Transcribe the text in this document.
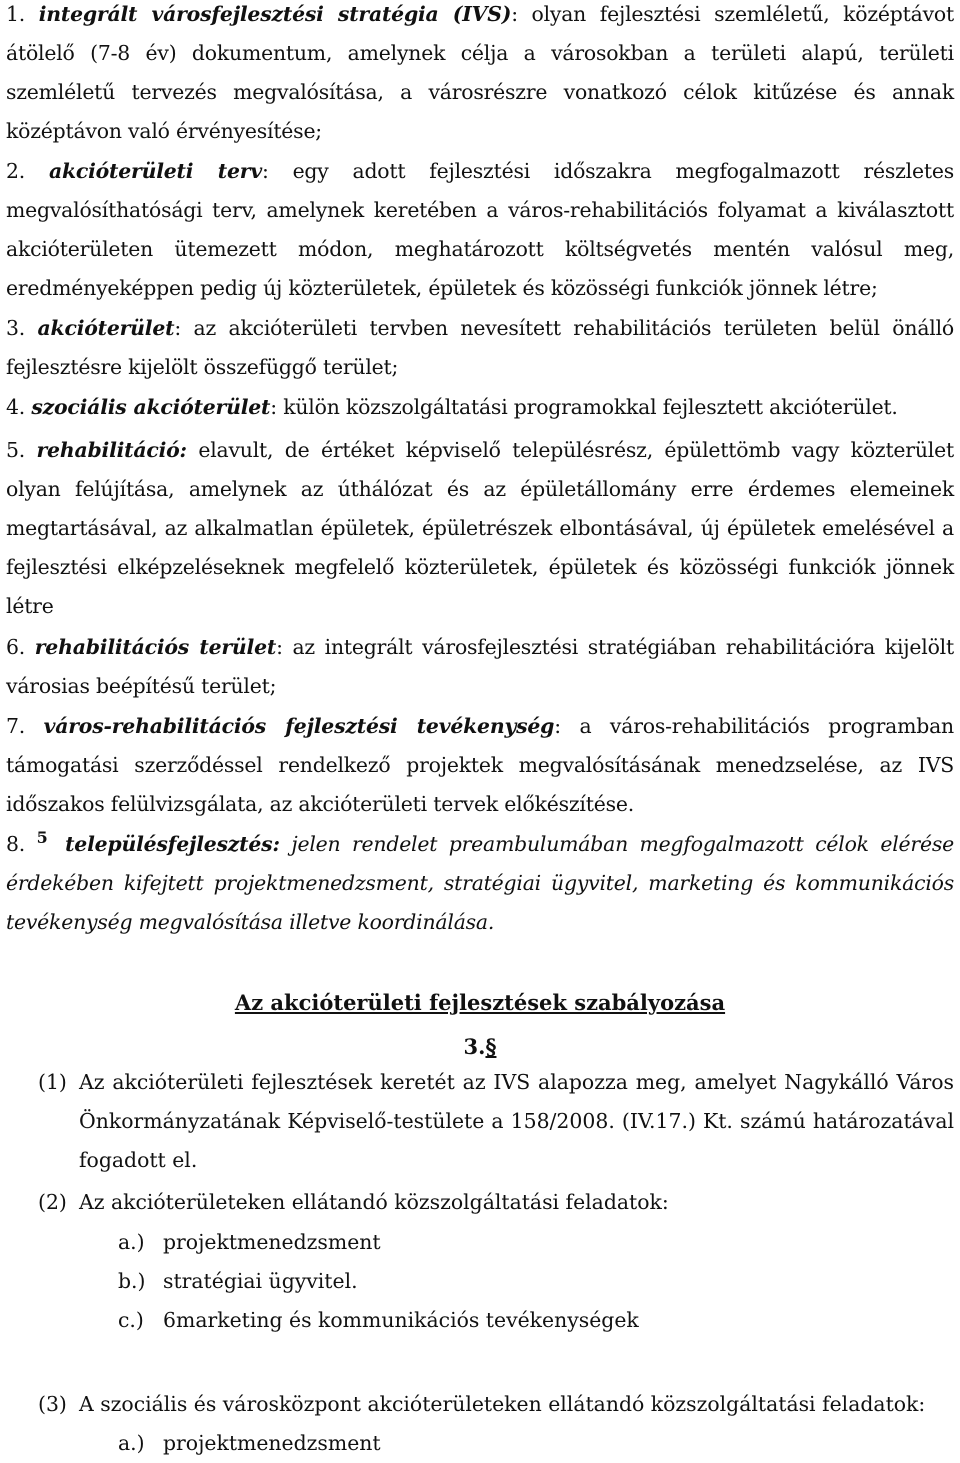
1. integrált városfejlesztési stratégia (IVS): olyan fejlesztési szemléletű, középtávot átölelő (7-8 év) dokumentum, amelynek célja a városokban a területi alapú, területi szemléletű tervezés megvalósítása, a városrészre vonatkozó célok kitűzése és annak középtávon való érvényesítése;

2. akcióterületi terv: egy adott fejlesztési időszakra megfogalmazott részletes megvalósíthatósági terv, amelynek keretében a város-rehabilitációs folyamat a kiválasztott akcióterületen ütemezett módon, meghatározott költségvetés mentén valósul meg, eredményeképpen pedig új közterületek, épületek és közösségi funkciók jönnek létre;

3. akcióterület: az akcióterületi tervben nevesített rehabilitációs területen belül önálló fejlesztésre kijelölt összefüggő terület;

4. szociális akcióterület: külön közszolgáltatási programokkal fejlesztett akcióterület.

5. rehabilitáció: elavult, de értéket képviselő településrész, épülettömb vagy közterület olyan felújítása, amelynek az úthálózat és az épületállomány erre érdemes elemeinek megtartásával, az alkalmatlan épületek, épületrészek elbontásával, új épületek emelésével a fejlesztési elképzeléseknek megfelelő közterületek, épületek és közösségi funkciók jönnek létre

6. rehabilitációs terület: az integrált városfejlesztési stratégiában rehabilitációra kijelölt városias beépítésű terület;

7. város-rehabilitációs fejlesztési tevékenység: a város-rehabilitációs programban támogatási szerződéssel rendelkező projektek megvalósításának menedzselése, az IVS időszakos felülvizsgálata, az akcióterületi tervek előkészítése.

8. $^5$ településfejlesztés: jelen rendelet preambulumában megfogalmazott célok elérése érdekében kifejtett projektmenedzsment, stratégiai ügyvitel, marketing és kommunikációs tevékenység megvalósítása illetve koordinálása.

Az akcióterületi fejlesztések szabályozása

3.§

(1) Az akcióterületi fejlesztések keretét az IVS alapozza meg, amelyet Nagykálló Város Önkormányzatának Képviselő-testülete a 158/2008. (IV.17.) Kt. számú határozatával fogadott el.
(2) Az akcióterületeken ellátandó közszolgáltatási feladatok:

a.) projektmenedzsment

b.) stratégiai ügyvitel.

c.) 6marketing és kommunikációs tevékenységek

(3) A szociális és városközpont akcióterületeken ellátandó közszolgáltatási feladatok:

a.) projektmenedzsment
